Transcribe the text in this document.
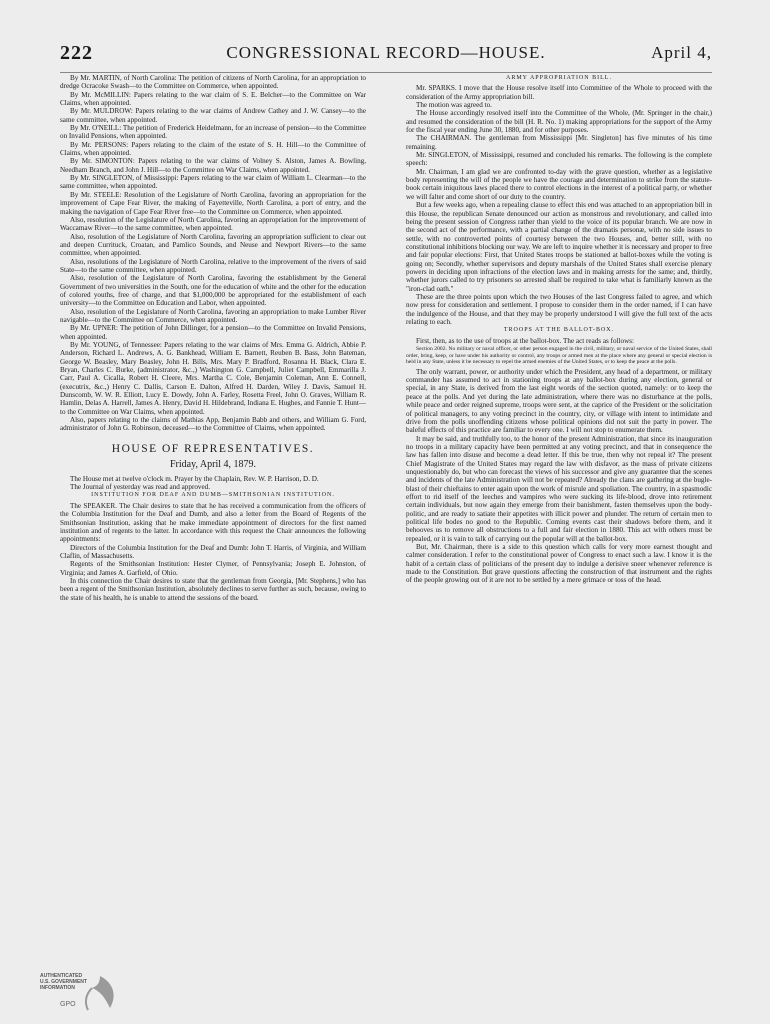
222	CONGRESSIONAL RECORD—HOUSE.	April 4,

By Mr. MARTIN, of North Carolina: The petition of citizens of North Carolina, for an appropriation to dredge Ocracoke Swash—to the Committee on Commerce, when appointed.

By Mr. McMILLIN: Papers relating to the war claim of S. E. Belcher—to the Committee on War Claims, when appointed.

By Mr. MULDROW: Papers relating to the war claims of Andrew Cathey and J. W. Cansey—to the same committee, when appointed.

By Mr. O'NEILL: The petition of Frederick Heidelmann, for an increase of pension—to the Committee on Invalid Pensions, when appointed.

By Mr. PERSONS: Papers relating to the claim of the estate of S. H. Hill—to the Committee of Claims, when appointed.

By Mr. SIMONTON: Papers relating to the war claims of Volney S. Alston, James A. Bowling, Needham Branch, and John J. Hill—to the Committee on War Claims, when appointed.

By Mr. SINGLETON, of Mississippi: Papers relating to the war claim of William L. Clearman—to the same committee, when appointed.

By Mr. STEELE: Resolution of the Legislature of North Carolina, favoring an appropriation for the improvement of Cape Fear River, the making of Fayetteville, North Carolina, a port of entry, and the making the navigation of Cape Fear River free—to the Committee on Commerce, when appointed.

Also, resolution of the Legislature of North Carolina, favoring an appropriation for the improvement of Waccamaw River—to the same committee, when appointed.

Also, resolution of the Legislature of North Carolina, favoring an appropriation sufficient to clear out and deepen Currituck, Croatan, and Pamlico Sounds, and Neuse and Newport Rivers—to the same committee, when appointed.

Also, resolutions of the Legislature of North Carolina, relative to the improvement of the rivers of said State—to the same committee, when appointed.

Also, resolution of the Legislature of North Carolina, favoring the establishment by the General Government of two universities in the South, one for the education of white and the other for the education of colored youths, free of charge, and that $1,000,000 be appropriated for the establishment of each university—to the Committee on Education and Labor, when appointed.

Also, resolution of the Legislature of North Carolina, favoring an appropriation to make Lumber River navigable—to the Committee on Commerce, when appointed.

By Mr. UPNER: The petition of John Dillinger, for a pension—to the Committee on Invalid Pensions, when appointed.

By Mr. YOUNG, of Tennessee: Papers relating to the war claims of Mrs. Emma G. Aldrich, Abbie P. Anderson, Richard L. Andrews, A. G. Bankhead, William E. Barnett, Reuben B. Bass, John Bateman, George W. Beasley, Mary Beasley, John H. Bills, Mrs. Mary P. Bradford, Rosanna H. Black, Clara E. Bryan, Charles C. Burke, (administrator, &c.,) Washington G. Campbell, Juliet Campbell, Emmarilla J. Carr, Paul A. Cicalla, Robert H. Cleere, Mrs. Martha C. Cole, Benjamin Coleman, Ann E. Connell, (executrix, &c.,) Henry C. Dallis, Carson E. Dalton, Alfred H. Darden, Wiley J. Davis, Samuel H. Dunscomb, W. W. R. Elliott, Lucy E. Dowdy, John A. Farley, Rosetta Freel, John O. Graves, William R. Hamlin, Delas A. Harrell, James A. Henry, David H. Hildebrand, Indiana E. Hughes, and Fannie T. Hunt—to the Committee on War Claims, when appointed.

Also, papers relating to the claims of Mathias App, Benjamin Babb and others, and William G. Ford, administrator of John G. Robinson, deceased—to the Committee of Claims, when appointed.

HOUSE OF REPRESENTATIVES.
Friday, April 4, 1879.

The House met at twelve o'clock m. Prayer by the Chaplain, Rev. W. P. Harrison, D. D.

The Journal of yesterday was read and approved.

INSTITUTION FOR DEAF AND DUMB—SMITHSONIAN INSTITUTION.

The SPEAKER. The Chair desires to state that he has received a communication from the officers of the Columbia Institution for the Deaf and Dumb, and also a letter from the Board of Regents of the Smithsonian Institution, asking that he make immediate appointment of directors for the first named institution and of regents to the latter. In accordance with this request the Chair announces the following appointments:

Directors of the Columbia Institution for the Deaf and Dumb: John T. Harris, of Virginia, and William Claflin, of Massachusetts.

Regents of the Smithsonian Institution: Hester Clymer, of Pennsylvania; Joseph E. Johnston, of Virginia; and James A. Garfield, of Ohio.

In this connection the Chair desires to state that the gentleman from Georgia, [Mr. Stephens,] who has been a regent of the Smithsonian Institution, absolutely declines to serve further as such, because, owing to the state of his health, he is unable to attend the sessions of the board.

ARMY APPROPRIATION BILL.

Mr. SPARKS. I move that the House resolve itself into Committee of the Whole to proceed with the consideration of the Army appropriation bill.

The motion was agreed to.

The House accordingly resolved itself into the Committee of the Whole, (Mr. Springer in the chair,) and resumed the consideration of the bill (H. R. No. 1) making appropriations for the support of the Army for the fiscal year ending June 30, 1880, and for other purposes.

The CHAIRMAN. The gentleman from Mississippi [Mr. Singleton] has five minutes of his time remaining.

Mr. SINGLETON, of Mississippi, resumed and concluded his remarks. The following is the complete speech:

Mr. Chairman, I am glad we are confronted to-day with the grave question, whether as a legislative body representing the will of the people we have the courage and determination to strike from the statute-book certain iniquitous laws placed there to control elections in the interest of a political party, or whether we will falter and come short of our duty to the country.

But a few weeks ago, when a repealing clause to effect this end was attached to an appropriation bill in this House, the republican Senate denounced our action as monstrous and revolutionary, and called into being the present session of Congress rather than yield to the voice of its popular branch. We are now in the second act of the performance, with a partial change of the dramatis personæ, with no side issues to settle, with no controverted points of courtesy between the two Houses, and, better still, with no constitutional inhibitions blocking our way. We are left to inquire whether it is necessary and proper to free and fair popular elections: First, that United States troops be stationed at ballot-boxes while the voting is going on; Secondly, whether supervisors and deputy marshals of the United States shall exercise plenary powers in deciding upon infractions of the election laws and in making arrests for the same; and, thirdly, whether jurors called to try prisoners so arrested shall be required to take what is familiarly known as the "iron-clad oath."

These are the three points upon which the two Houses of the last Congress failed to agree, and which now press for consideration and settlement. I propose to consider them in the order named, if I can have the indulgence of the House, and that they may be properly understood I will give the full text of the acts relating to each.

TROOPS AT THE BALLOT-BOX.

First, then, as to the use of troops at the ballot-box. The act reads as follows:

Section 2002. No military or naval officer, or other person engaged in the civil, military, or naval service of the United States, shall order, bring, keep, or have under his authority or control, any troops or armed men at the place where any general or special election is held in any State, unless it be necessary to repel the armed enemies of the United States, or to keep the peace at the polls.

The only warrant, power, or authority under which the President, any head of a department, or military commander has assumed to act in stationing troops at any ballot-box during any election, general or special, in any State, is derived from the last eight words of the section quoted, namely: or to keep the peace at the polls. And yet during the late administration, where there was no disturbance at the polls, while peace and order reigned supreme, troops were sent, at the caprice of the President or the solicitation of political managers, to any voting precinct in the country, city, or village with intent to intimidate and drive from the polls unoffending citizens whose political opinions did not suit the party in power. The baleful effects of this practice are familiar to every one. I will not stop to enumerate them.

It may be said, and truthfully too, to the honor of the present Administration, that since its inauguration no troops in a military capacity have been permitted at any voting precinct, and that in consequence the law has fallen into disuse and become a dead letter. If this be true, then why not repeal it? The present Chief Magistrate of the United States may regard the law with disfavor, as the mass of private citizens unquestionably do, but who can forecast the views of his successor and give any guarantee that the scenes and incidents of the late Administration will not be repeated? Already the clans are gathering at the bugle-blast of their chieftains to enter again upon the work of misrule and spoliation. The country, in a spasmodic effort to rid itself of the leeches and vampires who were sucking its life-blood, drove into retirement certain individuals, but now again they emerge from their banishment, fasten themselves upon the body-politic, and are ready to satiate their appetites with illicit power and plunder. The return of certain men to political life bodes no good to the Republic. Coming events cast their shadows before them, and it behooves us to remove all obstructions to a full and fair election in 1880. This act with others must be repealed, or it is vain to talk of carrying out the popular will at the ballot-box.

But, Mr. Chairman, there is a side to this question which calls for very more earnest thought and calmer consideration. I refer to the constitutional power of Congress to enact such a law. I know it is the habit of a certain class of politicians of the present day to indulge a derisive sneer whenever reference is made to the Constitution. But grave questions affecting the construction of that instrument and the rights of the people growing out of it are not to be settled by a mere grimace or toss of the head.

AUTHENTICATED
U.S. GOVERNMENT
INFORMATION
GPO
